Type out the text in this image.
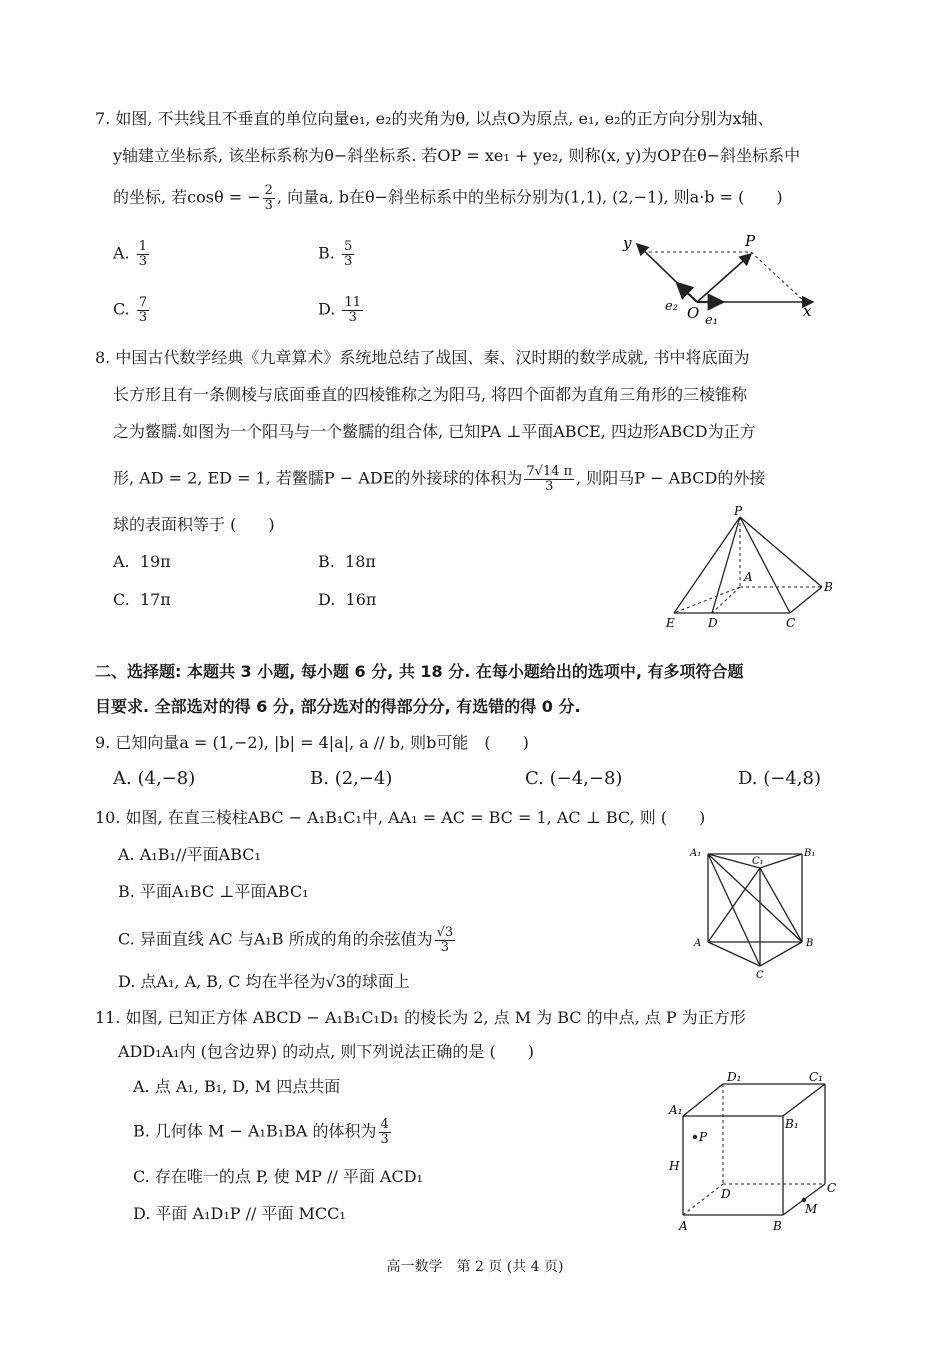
7. 如图, 不共线且不垂直的单位向量e₁, e₂的夹角为θ, 以点O为原点, e₁, e₂的正方向分别为x轴、
y轴建立坐标系, 该坐标系称为θ−斜坐标系. 若OP = xe₁ + ye₂, 则称(x, y)为OP在θ−斜坐标系中
的坐标, 若cosθ = − $\frac{2}{3}$ , 向量a, b在θ−斜坐标系中的坐标分别为(1,1), (2,−1), 则a·b = (　　)
A. $\frac{1}{3}$	B. $\frac{5}{3}$
C. $\frac{7}{3}$	D. $\frac{11}{3}$
y	P
x
O
e₂
e₁
8. 中国古代数学经典《九章算术》系统地总结了战国、秦、汉时期的数学成就, 书中将底面为
长方形且有一条侧棱与底面垂直的四棱锥称之为阳马, 将四个面都为直角三角形的三棱锥称
之为鳖臑.如图为一个阳马与一个鳖臑的组合体, 已知PA ⊥平面ABCE, 四边形ABCD为正方
形, AD = 2, ED = 1, 若鳖臑P − ADE的外接球的体积为 $\frac{7√14 \pi}{3}$ , 则阳马P − ABCD的外接
球的表面积等于 (　　)
A. 19π	B. 18π
C. 17π	D. 16π
P
A
B
E	D	C
二、选择题: 本题共 3 小题, 每小题 6 分, 共 18 分. 在每小题给出的选项中, 有多项符合题
目要求. 全部选对的得 6 分, 部分选对的得部分分, 有选错的得 0 分.
9. 已知向量a = (1,−2), |b| = 4|a|, a // b, 则b可能　(　　)
A. (4,−8)	B. (2,−4)	C. (−4,−8)	D. (−4,8)
10. 如图, 在直三棱柱ABC − A₁B₁C₁中, AA₁ = AC = BC = 1, AC ⊥ BC, 则 (　　)
A. A₁B₁//平面ABC₁
B. 平面A₁BC ⊥平面ABC₁
C. 异面直线 AC 与A₁B 所成的角的余弦值为 $\frac{√3}{3}$
D. 点A₁, A, B, C 均在半径为√3的球面上
A₁
C₁
B₁
A	B
C
11. 如图, 已知正方体 ABCD − A₁B₁C₁D₁ 的棱长为 2, 点 M 为 BC 的中点, 点 P 为正方形
ADD₁A₁内 (包含边界) 的动点, 则下列说法正确的是 (　　)
A. 点 A₁, B₁, D, M 四点共面
B. 几何体 M − A₁B₁BA 的体积为 $\frac{4}{3}$
C. 存在唯一的点 P, 使 MP // 平面 ACD₁
D. 平面 A₁D₁P // 平面 MCC₁
D₁	C₁
A₁
B₁
P
H
D	C
M
A	B
高一数学　第 2 页 (共 4 页)
